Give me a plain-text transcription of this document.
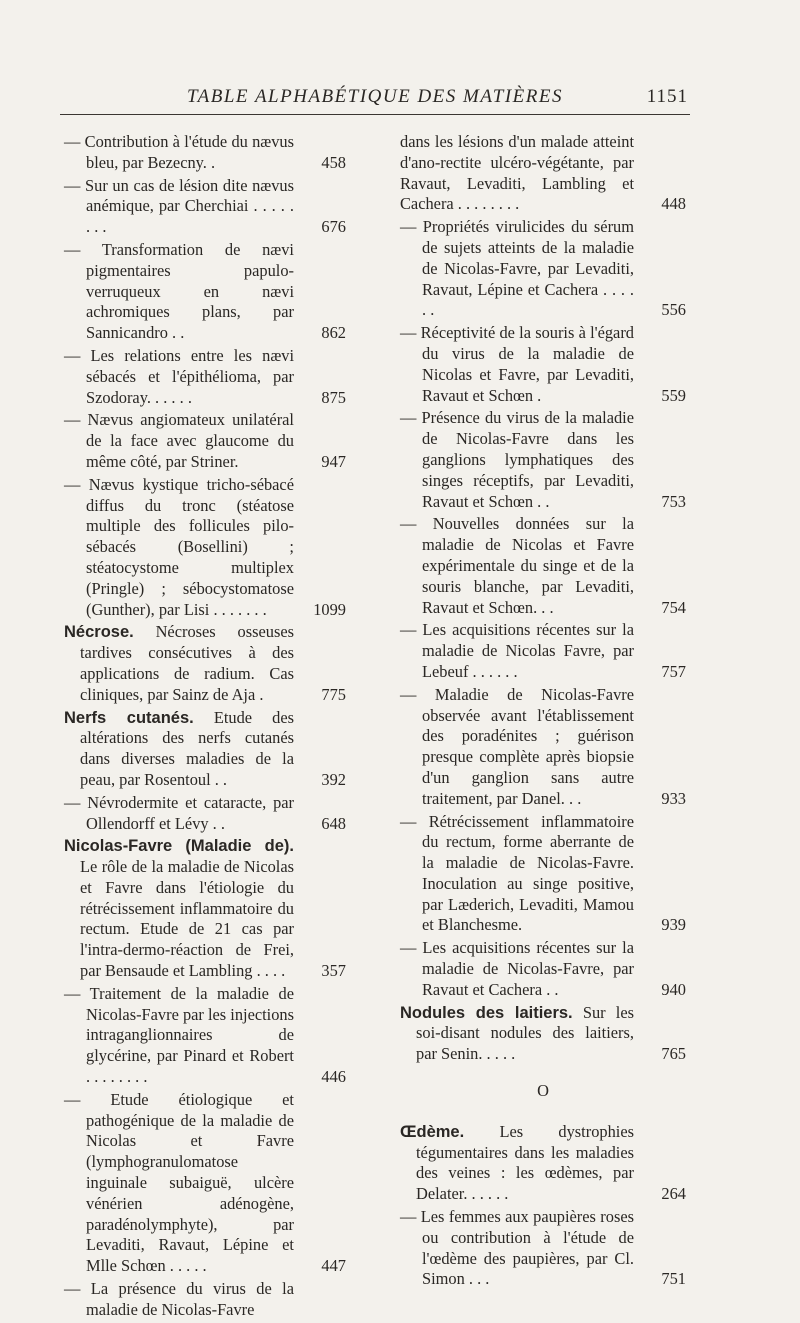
TABLE ALPHABÉTIQUE DES MATIÈRES	1151
— Contribution à l'étude du nævus bleu, par Bezecny. .	458
— Sur un cas de lésion dite nævus anémique, par Cherchiai . . . . . . . .	676
— Transformation de nævi pigmentaires papulo-verruqueux en nævi achromiques plans, par Sannicandro . .	862
— Les relations entre les nævi sébacés et l'épithélioma, par Szodoray. . . . . .	875
— Nævus angiomateux unilatéral de la face avec glaucome du même côté, par Striner.	947
— Nævus kystique tricho-sébacé diffus du tronc (stéatose multiple des follicules pilo-sébacés (Bosellini) ; stéatocystome multiplex (Pringle) ; sébocystomatose (Gunther), par Lisi . . . . . . .	1099
Nécrose. Nécroses osseuses tardives consécutives à des applications de radium. Cas cliniques, par Sainz de Aja .	775
Nerfs cutanés. Etude des altérations des nerfs cutanés dans diverses maladies de la peau, par Rosentoul . .	392
— Névrodermite et cataracte, par Ollendorff et Lévy . .	648
Nicolas-Favre (Maladie de). Le rôle de la maladie de Nicolas et Favre dans l'étiologie du rétrécissement inflammatoire du rectum. Etude de 21 cas par l'intra-dermo-réaction de Frei, par Bensaude et Lambling . . . .	357
— Traitement de la maladie de Nicolas-Favre par les injections intraganglionnaires de glycérine, par Pinard et Robert . . . . . . . .	446
— Etude étiologique et pathogénique de la maladie de Nicolas et Favre (lymphogranulomatose inguinale subaiguë, ulcère vénérien adénogène, paradénolymphyte), par Levaditi, Ravaut, Lépine et Mlle Schœn . . . . .	447
— La présence du virus de la maladie de Nicolas-Favre
dans les lésions d'un malade atteint d'ano-rectite ulcéro-végétante, par Ravaut, Levaditi, Lambling et Cachera . . . . . . . .	448
— Propriétés virulicides du sérum de sujets atteints de la maladie de Nicolas-Favre, par Levaditi, Ravaut, Lépine et Cachera . . . . . .	556
— Réceptivité de la souris à l'égard du virus de la maladie de Nicolas et Favre, par Levaditi, Ravaut et Schœn .	559
— Présence du virus de la maladie de Nicolas-Favre dans les ganglions lymphatiques des singes réceptifs, par Levaditi, Ravaut et Schœn . .	753
— Nouvelles données sur la maladie de Nicolas et Favre expérimentale du singe et de la souris blanche, par Levaditi, Ravaut et Schœn. . .	754
— Les acquisitions récentes sur la maladie de Nicolas Favre, par Lebeuf . . . . . .	757
— Maladie de Nicolas-Favre observée avant l'établissement des poradénites ; guérison presque complète après biopsie d'un ganglion sans autre traitement, par Danel. . .	933
— Rétrécissement inflammatoire du rectum, forme aberrante de la maladie de Nicolas-Favre. Inoculation au singe positive, par Læderich, Levaditi, Mamou et Blanchesme.	939
— Les acquisitions récentes sur la maladie de Nicolas-Favre, par Ravaut et Cachera . .	940
Nodules des laitiers. Sur les soi-disant nodules des laitiers, par Senin. . . . .	765
O
Œdème. Les dystrophies tégumentaires dans les maladies des veines : les œdèmes, par Delater. . . . . .	264
— Les femmes aux paupières roses ou contribution à l'étude de l'œdème des paupières, par Cl. Simon . . .	751
